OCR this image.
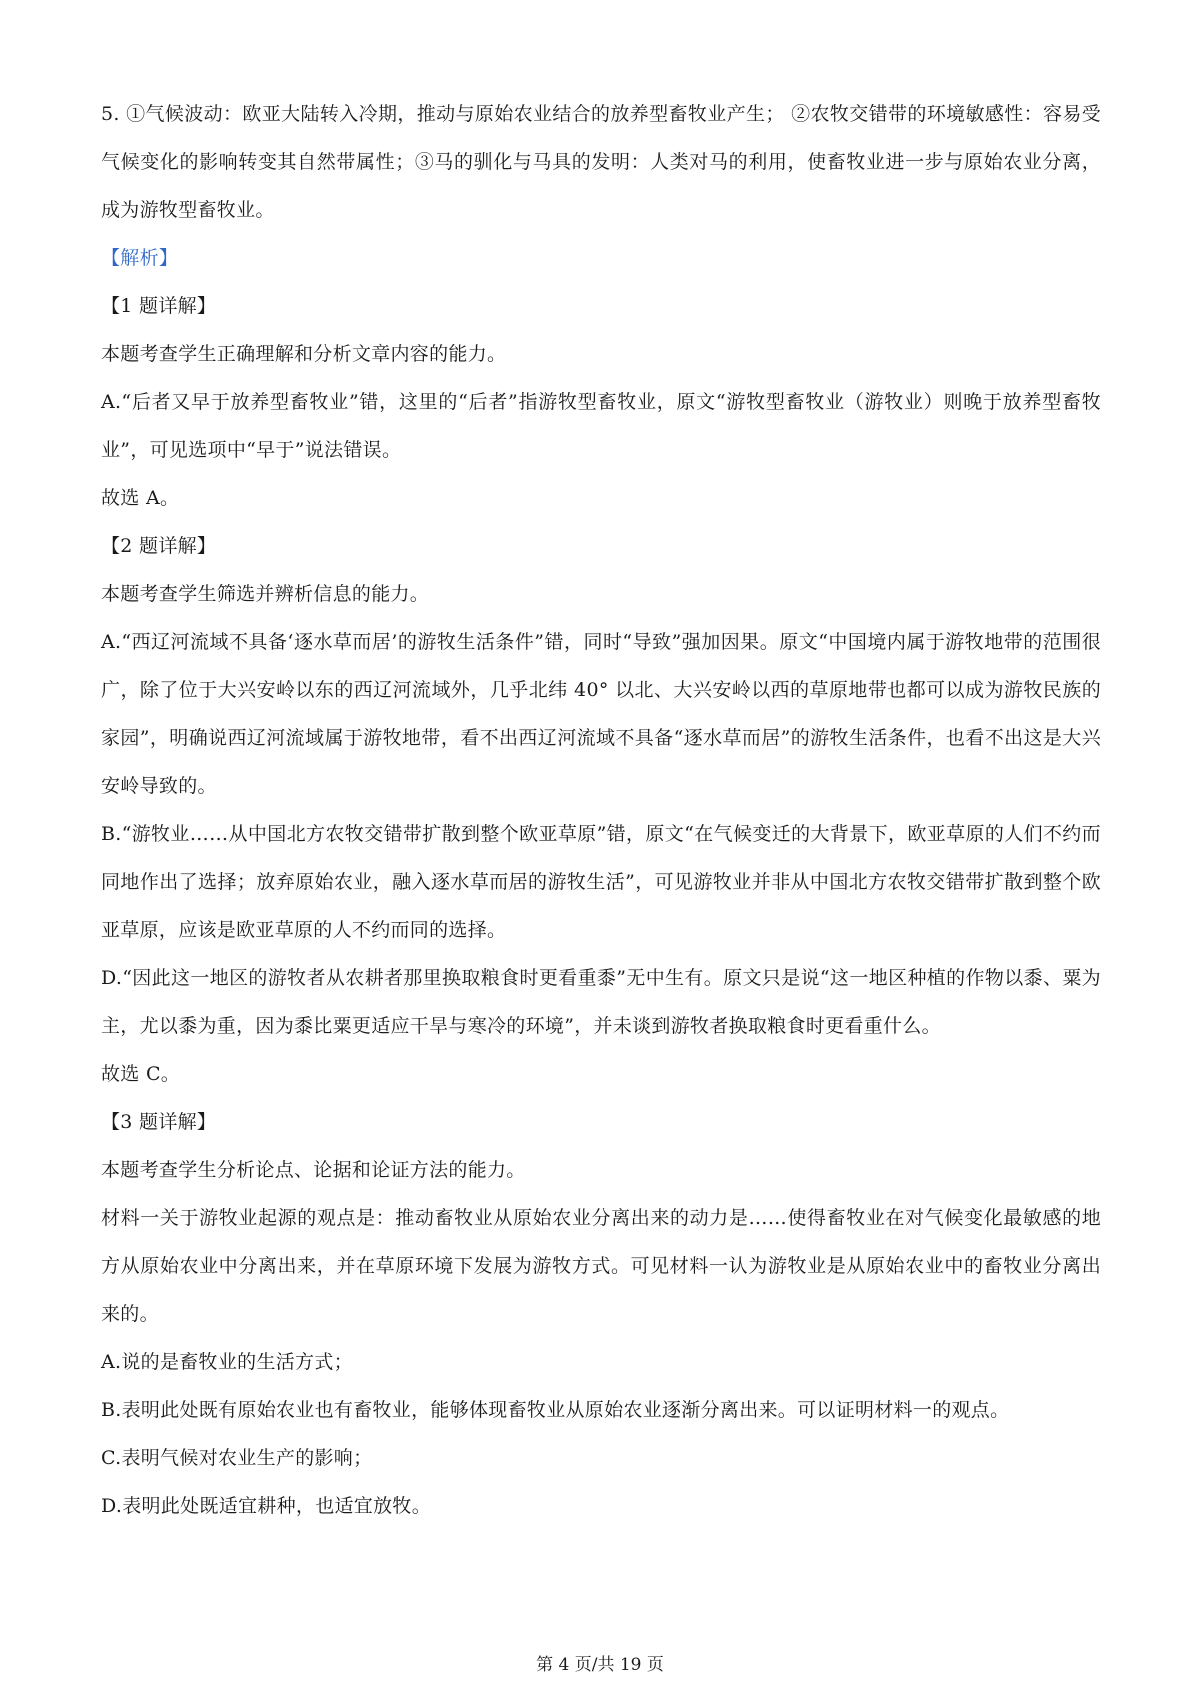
5. ①气候波动：欧亚大陆转入冷期，推动与原始农业结合的放养型畜牧业产生； ②农牧交错带的环境敏感性：容易受气候变化的影响转变其自然带属性；③马的驯化与马具的发明：人类对马的利用，使畜牧业进一步与原始农业分离，成为游牧型畜牧业。

【解析】

【1 题详解】

本题考查学生正确理解和分析文章内容的能力。

A.“后者又早于放养型畜牧业”错，这里的“后者”指游牧型畜牧业，原文“游牧型畜牧业（游牧业）则晚于放养型畜牧业”，可见选项中“早于”说法错误。

故选 A。

【2 题详解】

本题考查学生筛选并辨析信息的能力。

A.“西辽河流域不具备‘逐水草而居’的游牧生活条件”错，同时“导致”强加因果。原文“中国境内属于游牧地带的范围很广，除了位于大兴安岭以东的西辽河流域外，几乎北纬 40° 以北、大兴安岭以西的草原地带也都可以成为游牧民族的家园”，明确说西辽河流域属于游牧地带，看不出西辽河流域不具备“逐水草而居”的游牧生活条件，也看不出这是大兴安岭导致的。

B.“游牧业……从中国北方农牧交错带扩散到整个欧亚草原”错，原文“在气候变迁的大背景下，欧亚草原的人们不约而同地作出了选择；放弃原始农业，融入逐水草而居的游牧生活”，可见游牧业并非从中国北方农牧交错带扩散到整个欧亚草原，应该是欧亚草原的人不约而同的选择。

D.“因此这一地区的游牧者从农耕者那里换取粮食时更看重黍”无中生有。原文只是说“这一地区种植的作物以黍、粟为主，尤以黍为重，因为黍比粟更适应干旱与寒冷的环境”，并未谈到游牧者换取粮食时更看重什么。

故选 C。

【3 题详解】

本题考查学生分析论点、论据和论证方法的能力。

材料一关于游牧业起源的观点是：推动畜牧业从原始农业分离出来的动力是……使得畜牧业在对气候变化最敏感的地方从原始农业中分离出来，并在草原环境下发展为游牧方式。可见材料一认为游牧业是从原始农业中的畜牧业分离出来的。

A.说的是畜牧业的生活方式；

B.表明此处既有原始农业也有畜牧业，能够体现畜牧业从原始农业逐渐分离出来。可以证明材料一的观点。

C.表明气候对农业生产的影响；

D.表明此处既适宜耕种，也适宜放牧。

第 4 页/共 19 页
